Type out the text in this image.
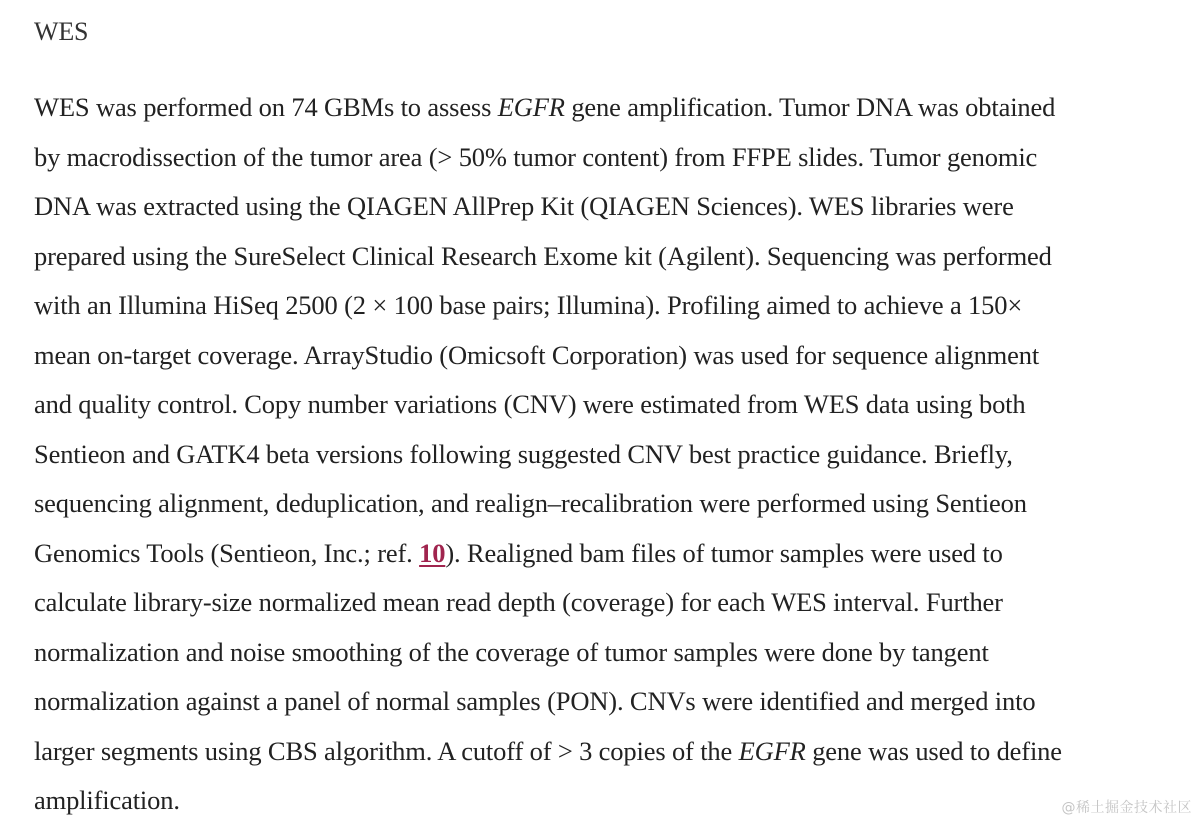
WES
WES was performed on 74 GBMs to assess EGFR gene amplification. Tumor DNA was obtained
by macrodissection of the tumor area (> 50% tumor content) from FFPE slides. Tumor genomic
DNA was extracted using the QIAGEN AllPrep Kit (QIAGEN Sciences). WES libraries were
prepared using the SureSelect Clinical Research Exome kit (Agilent). Sequencing was performed
with an Illumina HiSeq 2500 (2 × 100 base pairs; Illumina). Profiling aimed to achieve a 150×
mean on-target coverage. ArrayStudio (Omicsoft Corporation) was used for sequence alignment
and quality control. Copy number variations (CNV) were estimated from WES data using both
Sentieon and GATK4 beta versions following suggested CNV best practice guidance. Briefly,
sequencing alignment, deduplication, and realign–recalibration were performed using Sentieon
Genomics Tools (Sentieon, Inc.; ref. 10). Realigned bam files of tumor samples were used to
calculate library-size normalized mean read depth (coverage) for each WES interval. Further
normalization and noise smoothing of the coverage of tumor samples were done by tangent
normalization against a panel of normal samples (PON). CNVs were identified and merged into
larger segments using CBS algorithm. A cutoff of > 3 copies of the EGFR gene was used to define
amplification.	@稀土掘金技术社区
